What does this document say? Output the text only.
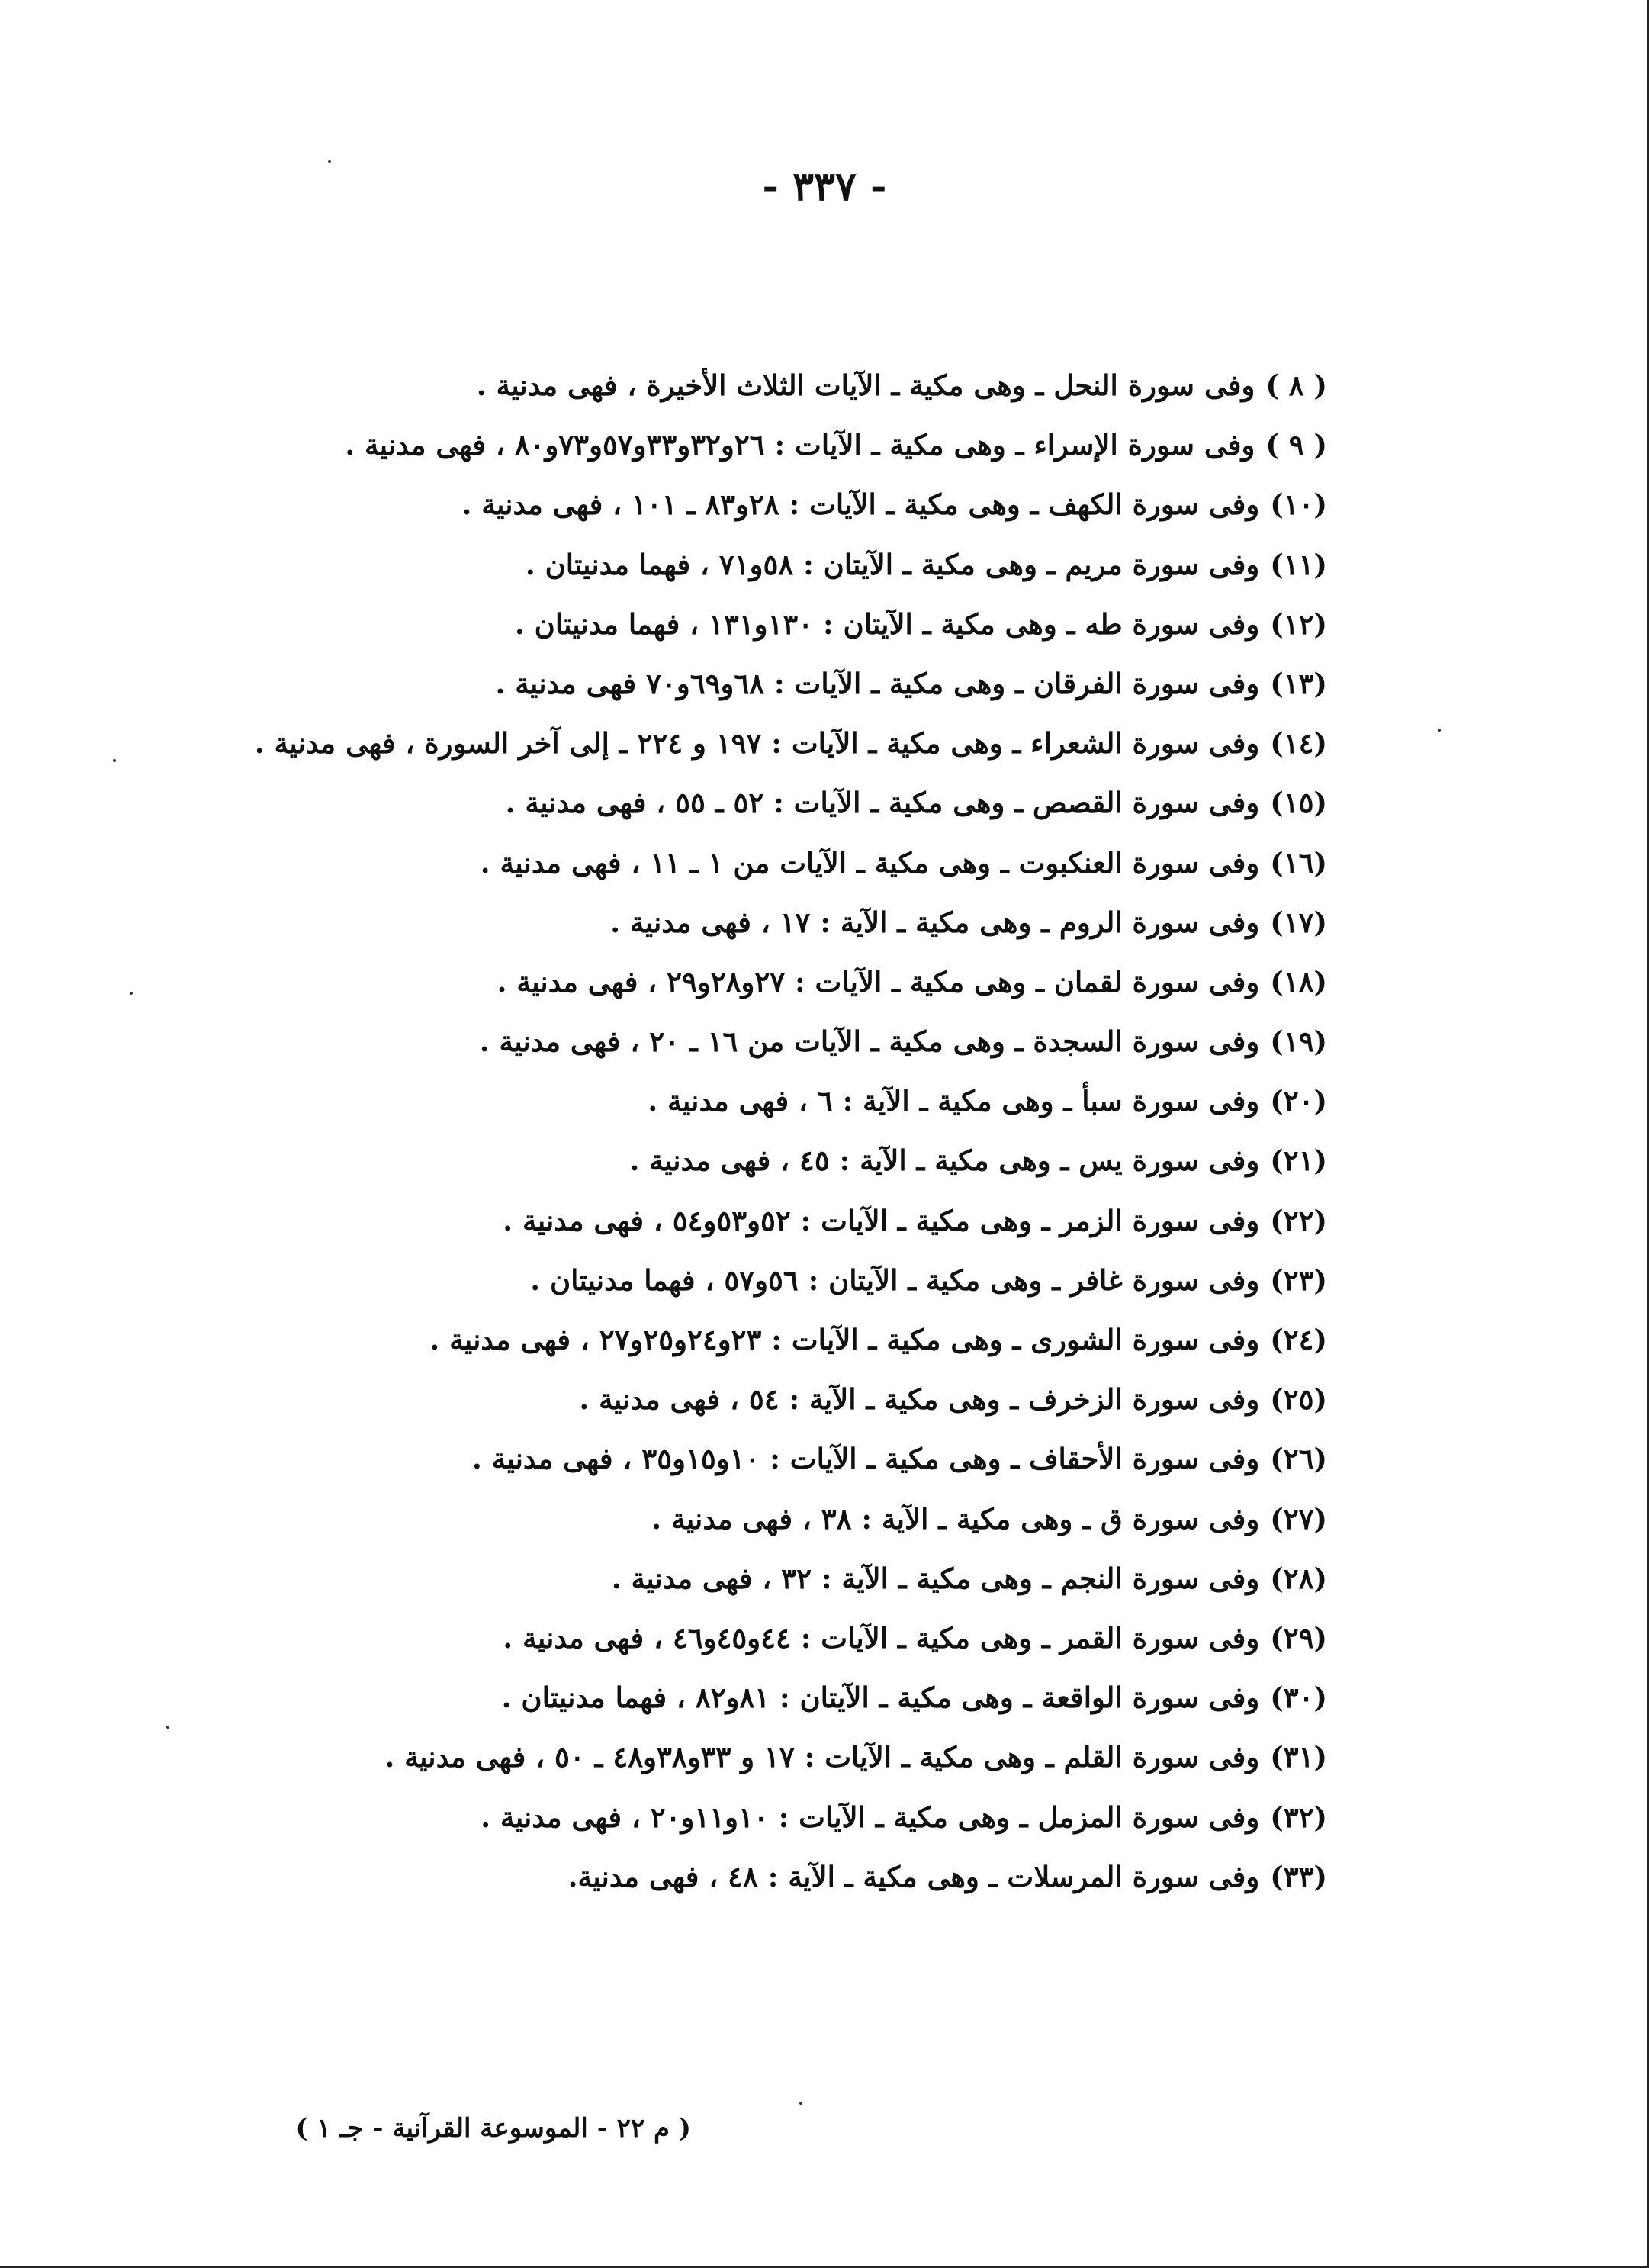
- ٣٣٧ -
( ٨ )وفى سورة النحل ـ وهى مكية ـ الآيات الثلاث الأخيرة ، فهى مدنية .
( ٩ )وفى سورة الإسراء ـ وهى مكية ـ الآيات : ٢٦و٣٢و٣٣و٥٧و٧٣و٨٠ ، فهى مدنية .
(١٠)وفى سورة الكهف ـ وهى مكية ـ الآيات : ٢٨و٨٣ ـ ١٠١ ، فهى مدنية .
(١١)وفى سورة مريم ـ وهى مكية ـ الآيتان : ٥٨و٧١ ، فهما مدنيتان .
(١٢)وفى سورة طه ـ وهى مكية ـ الآيتان : ١٣٠و١٣١ ، فهما مدنيتان .
(١٣)وفى سورة الفرقان ـ وهى مكية ـ الآيات : ٦٨و٦٩و٧٠ فهى مدنية .
(١٤)وفى سورة الشعراء ـ وهى مكية ـ الآيات : ١٩٧ و ٢٢٤ ـ إلى آخر السورة ، فهى مدنية .
(١٥)وفى سورة القصص ـ وهى مكية ـ الآيات : ٥٢ ـ ٥٥ ، فهى مدنية .
(١٦)وفى سورة العنكبوت ـ وهى مكية ـ الآيات من ١ ـ ١١ ، فهى مدنية .
(١٧)وفى سورة الروم ـ وهى مكية ـ الآية : ١٧ ، فهى مدنية .
(١٨)وفى سورة لقمان ـ وهى مكية ـ الآيات : ٢٧و٢٨و٢٩ ، فهى مدنية .
(١٩)وفى سورة السجدة ـ وهى مكية ـ الآيات من ١٦ ـ ٢٠ ، فهى مدنية .
(٢٠)وفى سورة سبأ ـ وهى مكية ـ الآية : ٦ ، فهى مدنية .
(٢١)وفى سورة يس ـ وهى مكية ـ الآية : ٤٥ ، فهى مدنية .
(٢٢)وفى سورة الزمر ـ وهى مكية ـ الآيات : ٥٢و٥٣و٥٤ ، فهى مدنية .
(٢٣)وفى سورة غافر ـ وهى مكية ـ الآيتان : ٥٦و٥٧ ، فهما مدنيتان .
(٢٤)وفى سورة الشورى ـ وهى مكية ـ الآيات : ٢٣و٢٤و٢٥و٢٧ ، فهى مدنية .
(٢٥)وفى سورة الزخرف ـ وهى مكية ـ الآية : ٥٤ ، فهى مدنية .
(٢٦)وفى سورة الأحقاف ـ وهى مكية ـ الآيات : ١٠و١٥و٣٥ ، فهى مدنية .
(٢٧)وفى سورة ق ـ وهى مكية ـ الآية : ٣٨ ، فهى مدنية .
(٢٨)وفى سورة النجم ـ وهى مكية ـ الآية : ٣٢ ، فهى مدنية .
(٢٩)وفى سورة القمر ـ وهى مكية ـ الآيات : ٤٤و٤٥و٤٦ ، فهى مدنية .
(٣٠)وفى سورة الواقعة ـ وهى مكية ـ الآيتان : ٨١و٨٢ ، فهما مدنيتان .
(٣١)وفى سورة القلم ـ وهى مكية ـ الآيات : ١٧ و ٣٣و٣٨و٤٨ ـ ٥٠ ، فهى مدنية .
(٣٢)وفى سورة المزمل ـ وهى مكية ـ الآيات : ١٠و١١و٢٠ ، فهى مدنية .
(٣٣)وفى سورة المرسلات ـ وهى مكية ـ الآية : ٤٨ ، فهى مدنية.
( م ٢٢ - الموسوعة القرآنية - جـ ١ )
